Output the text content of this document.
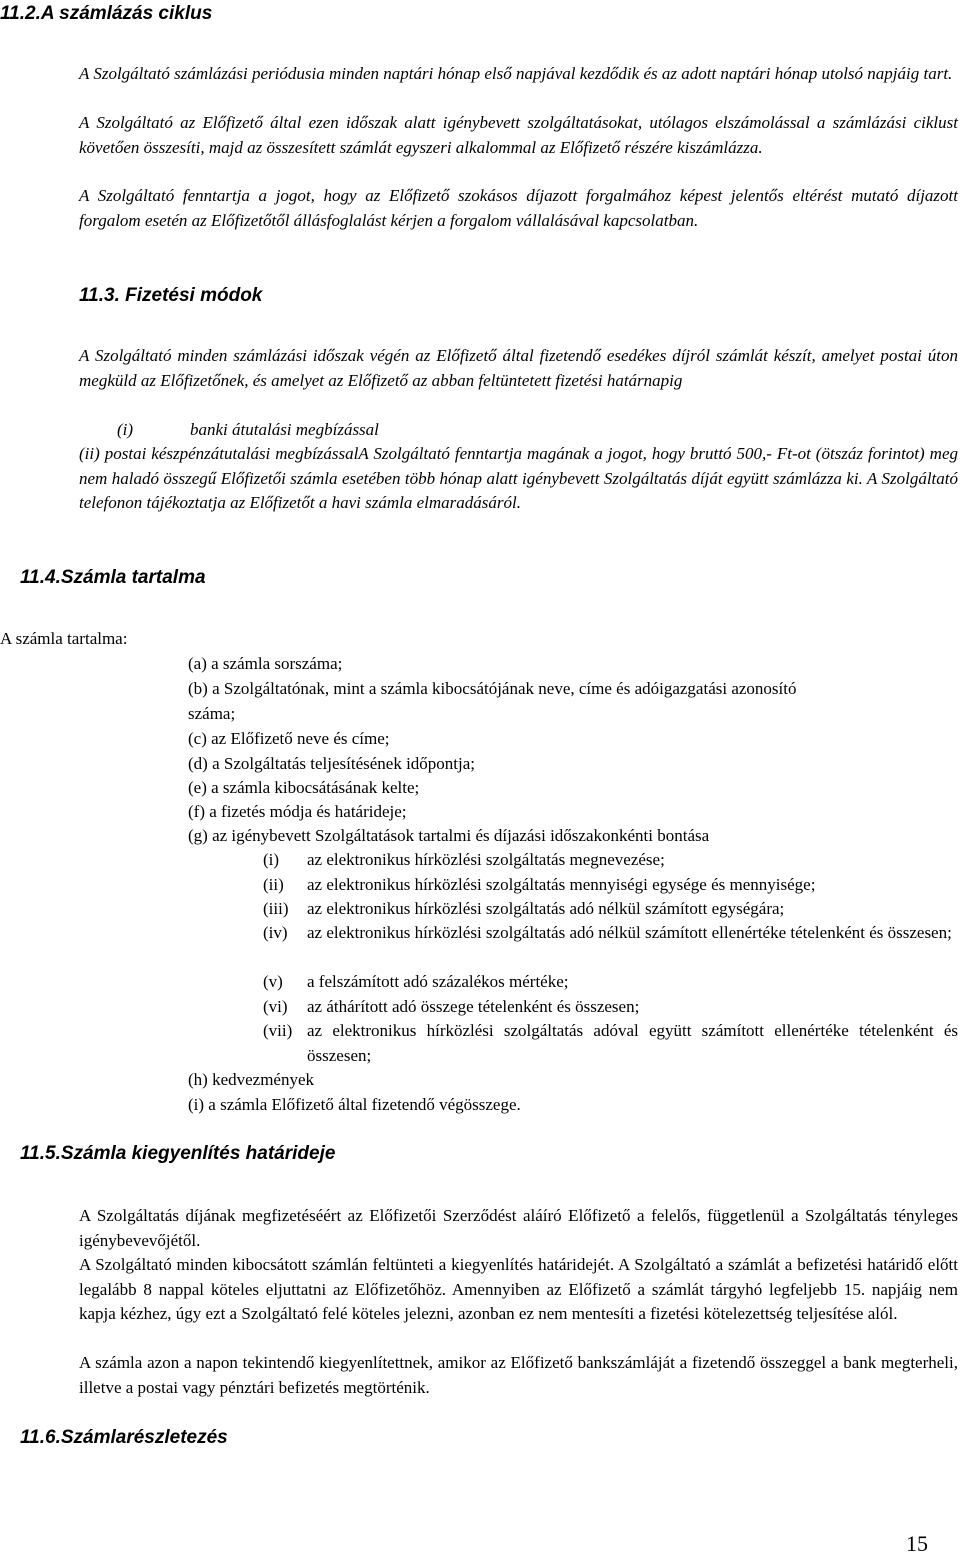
11.2.A számlázás ciklus

A Szolgáltató számlázási periódusia minden naptári hónap első napjával kezdődik és az adott naptári hónap utolsó napjáig tart.

A Szolgáltató az Előfizető által ezen időszak alatt igénybevett szolgáltatásokat, utólagos elszámolással a számlázási ciklust követően összesíti, majd az összesített számlát egyszeri alkalommal az Előfizető részére kiszámlázza.

A Szolgáltató fenntartja a jogot, hogy az Előfizető szokásos díjazott forgalmához képest jelentős eltérést mutató díjazott forgalom esetén az Előfizetőtől állásfoglalást kérjen a forgalom vállalásával kapcsolatban.

11.3. Fizetési módok

A Szolgáltató minden számlázási időszak végén az Előfizető által fizetendő esedékes díjról számlát készít, amelyet postai úton megküld az Előfizetőnek, és amelyet az Előfizető az abban feltüntetett fizetési határnapig

(i)	banki átutalási megbízással

(ii) postai készpénzátutalási megbízássalA Szolgáltató fenntartja magának a jogot, hogy bruttó 500,- Ft-ot (ötszáz forintot) meg nem haladó összegű Előfizetői számla esetében több hónap alatt igénybevett Szolgáltatás díját együtt számlázza ki. A Szolgáltató telefonon tájékoztatja az Előfizetőt a havi számla elmaradásáról.

11.4.Számla tartalma
A számla tartalma:
(a) a számla sorszáma;
(b) a Szolgáltatónak, mint a számla kibocsátójának neve, címe és adóigazgatási azonosító
száma;
(c) az Előfizető neve és címe;
(d) a Szolgáltatás teljesítésének időpontja;
(e) a számla kibocsátásának kelte;
(f) a fizetés módja és határideje;
(g) az igénybevett Szolgáltatások tartalmi és díjazási időszakonkénti bontása
(i) az elektronikus hírközlési szolgáltatás megnevezése;
(ii) az elektronikus hírközlési szolgáltatás mennyiségi egysége és mennyisége;
(iii) az elektronikus hírközlési szolgáltatás adó nélkül számított egységára;
(iv) az elektronikus hírközlési szolgáltatás adó nélkül számított ellenértéke tételenként és összesen;
(v) a felszámított adó százalékos mértéke;
(vi) az áthárított adó összege tételenként és összesen;
(vii) az elektronikus hírközlési szolgáltatás adóval együtt számított ellenértéke tételenként és összesen;
(h) kedvezmények
(i) a számla Előfizető által fizetendő végösszege.
11.5.Számla kiegyenlítés határideje

A Szolgáltatás díjának megfizetéséért az Előfizetői Szerződést aláíró Előfizető a felelős, függetlenül a Szolgáltatás tényleges igénybevevőjétől.

A Szolgáltató minden kibocsátott számlán feltünteti a kiegyenlítés határidejét. A Szolgáltató a számlát a befizetési határidő előtt legalább 8 nappal köteles eljuttatni az Előfizetőhöz. Amennyiben az Előfizető a számlát tárgyhó legfeljebb 15. napjáig nem kapja kézhez, úgy ezt a Szolgáltató felé köteles jelezni, azonban ez nem mentesíti a fizetési kötelezettség teljesítése alól.

A számla azon a napon tekintendő kiegyenlítettnek, amikor az Előfizető bankszámláját a fizetendő összeggel a bank megterheli, illetve a postai vagy pénztári befizetés megtörténik.

11.6.Számlarészletezés
15
